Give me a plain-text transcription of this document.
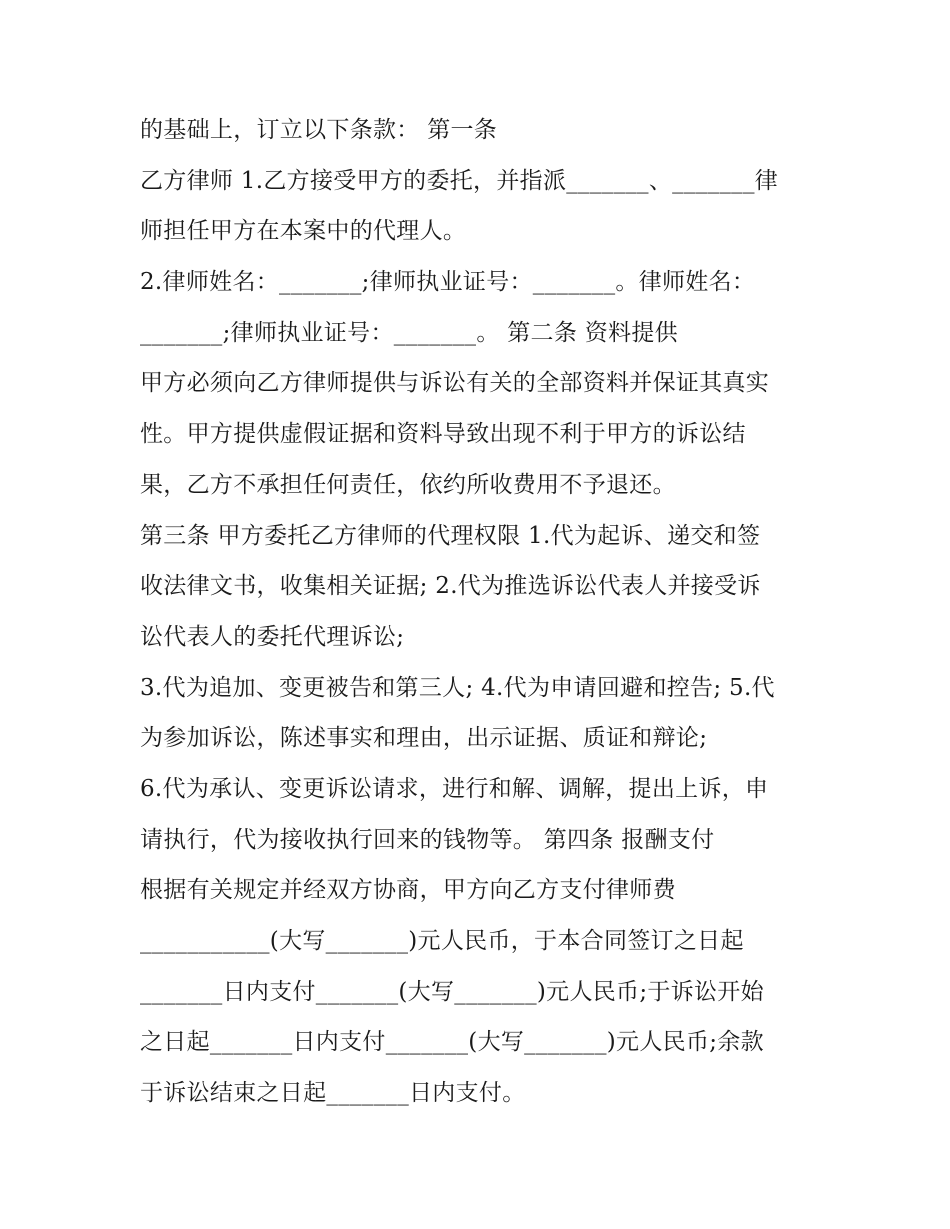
的基础上，订立以下条款： 第一条
乙方律师 1.乙方接受甲方的委托，并指派_______、_______律
师担任甲方在本案中的代理人。
2.律师姓名：_______;律师执业证号：_______。律师姓名：
_______;律师执业证号：_______。 第二条 资料提供
甲方必须向乙方律师提供与诉讼有关的全部资料并保证其真实
性。甲方提供虚假证据和资料导致出现不利于甲方的诉讼结
果，乙方不承担任何责任，依约所收费用不予退还。
第三条 甲方委托乙方律师的代理权限 1.代为起诉、递交和签
收法律文书，收集相关证据; 2.代为推选诉讼代表人并接受诉
讼代表人的委托代理诉讼;
3.代为追加、变更被告和第三人; 4.代为申请回避和控告; 5.代
为参加诉讼，陈述事实和理由，出示证据、质证和辩论;
6.代为承认、变更诉讼请求，进行和解、调解，提出上诉，申
请执行，代为接收执行回来的钱物等。 第四条 报酬支付
根据有关规定并经双方协商，甲方向乙方支付律师费
___________(大写_______)元人民币，于本合同签订之日起
_______日内支付_______(大写_______)元人民币;于诉讼开始
之日起_______日内支付_______(大写_______)元人民币;余款
于诉讼结束之日起_______日内支付。
